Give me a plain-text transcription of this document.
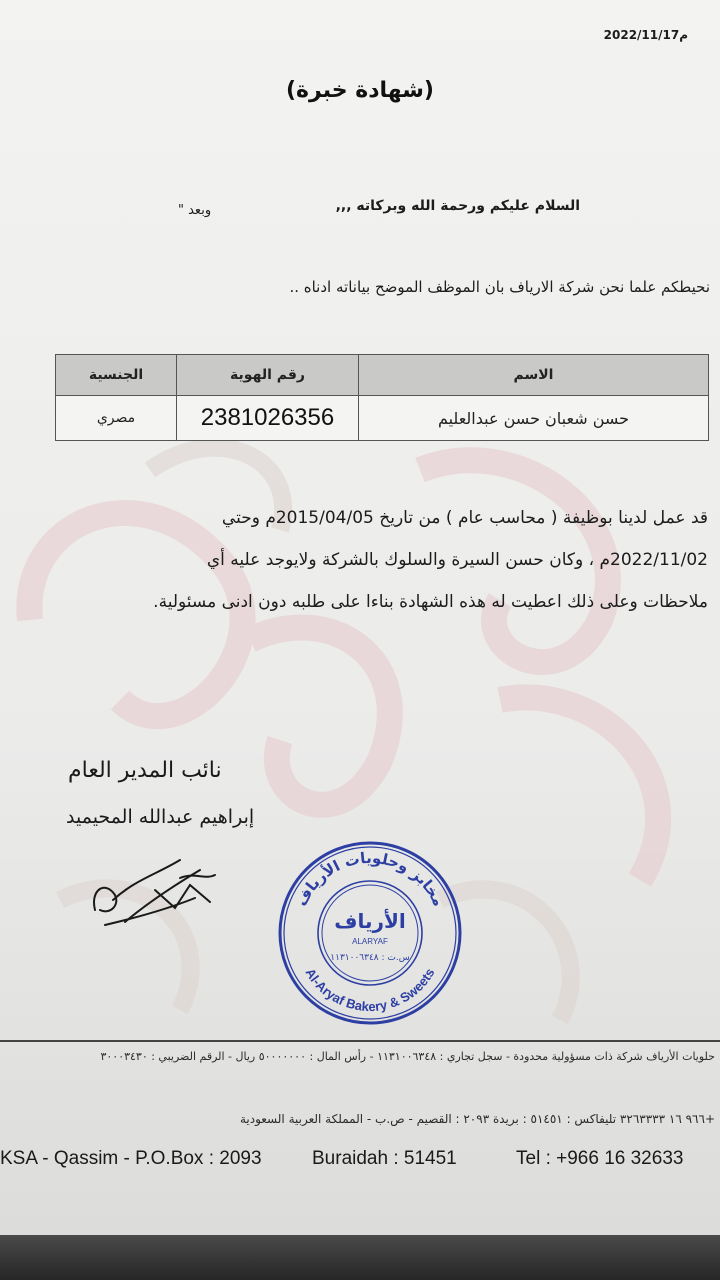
2022/11/17م
(شهادة خبرة)
السلام عليكم ورحمة الله وبركاته ,,,
وبعد "
نحيطكم علما نحن شركة الارياف بان الموظف الموضح بياناته ادناه ..
الاسم	رقم الهوية	الجنسية
حسن شعبان حسن عبدالعليم	2381026356	مصري
قد عمل لدينا بوظيفة ( محاسب عام ) من تاريخ 2015/04/05م وحتي
2022/11/02م ، وكان حسن السيرة والسلوك بالشركة ولايوجد عليه أي
ملاحظات وعلى ذلك اعطيت له هذه الشهادة بناءا على طلبه دون ادنى مسئولية.
نائب المدير العام
إبراهيم عبدالله المحيميد
مخابز وحلويات الأرياف
Al-Aryaf Bakery & Sweets
الأرياف
ALARYAF
س.ت : ١١٣١٠٠٦٣٤٨
حلويات الأرياف شركة ذات مسؤولية محدودة - سجل تجاري : ١١٣١٠٠٦٣٤٨ - رأس المال : ٥٠٠٠٠٠٠٠ ريال - الرقم الضريبي : ٣٠٠٠٣٤٣٠
+٩٦٦ ١٦ ٣٢٦٣٣٣٣ تليفاكس : ٥١٤٥١ : بريدة ٢٠٩٣ : القصيم - ص.ب - المملكة العربية السعودية
KSA - Qassim - P.O.Box : 2093	Buraidah : 51451	Tel : +966 16 32633
